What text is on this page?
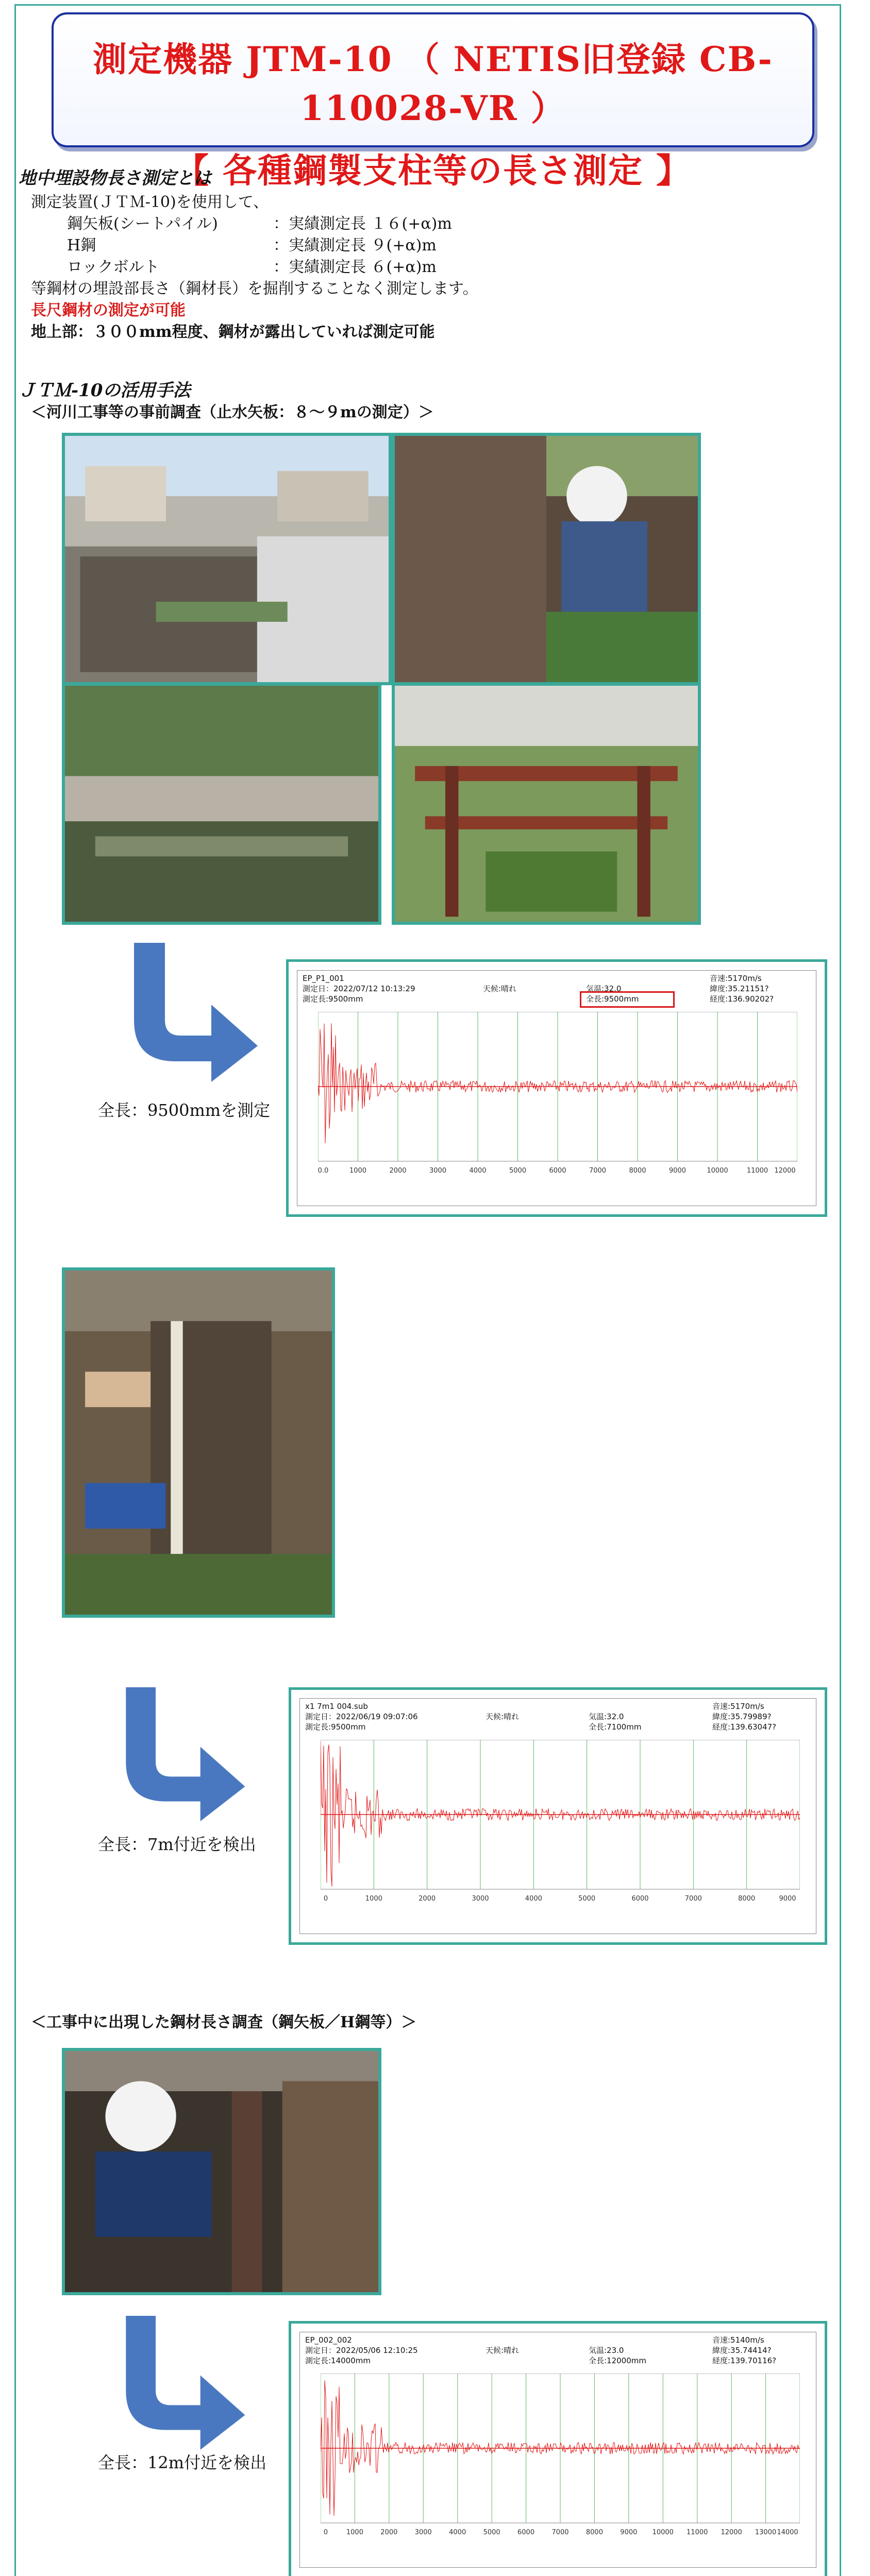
測定機器 JTM-10 （ NETIS旧登録 CB-110028-VR ）
【 各種鋼製支柱等の長さ測定 】
地中埋設物長さ測定とは
測定装置(ＪＴＭ-10)を使用して、
鋼矢板(シートパイル)	：実績測定長 １６(+α)m
H鋼	：実績測定長 ９(+α)m
ロックボルト	：実績測定長 ６(+α)m
等鋼材の埋設部長さ（鋼材長）を掘削することなく測定します。
長尺鋼材の測定が可能
地上部：３００mm程度、鋼材が露出していれば測定可能
ＪＴＭ-10の活用手法
＜河川工事等の事前調査（止水矢板：８～９mの測定）＞
全長：9500mmを測定
EP_P1_001
測定日：2022/07/12 10:13:29
測定長:9500mm
天候:晴れ	気温:32.0
全長:9500mm
音速:5170m/s
緯度:35.21151?
経度:136.90202?
0.0	1000	2000	3000	4000	5000	6000	7000	8000	9000	10000	11000 12000
全長：7m付近を検出
x1 7m1 004.sub
測定日：2022/06/19 09:07:06
測定長:9500mm
天候:晴れ	気温:32.0
全長:7100mm
音速:5170m/s
緯度:35.79989?
経度:139.63047?
0	1000	2000	3000	4000	5000	6000	7000	8000	9000
＜工事中に出現した鋼材長さ調査（鋼矢板／H鋼等）＞
全長：12m付近を検出
EP_002_002
測定日：2022/05/06 12:10:25
測定長:14000mm
天候:晴れ	気温:23.0
全長:12000mm
音速:5140m/s
緯度:35.74414?
経度:139.70116?
0	1000	2000	3000	4000	5000	6000	7000	8000	9000 10000 11000 12000 13000 14000
